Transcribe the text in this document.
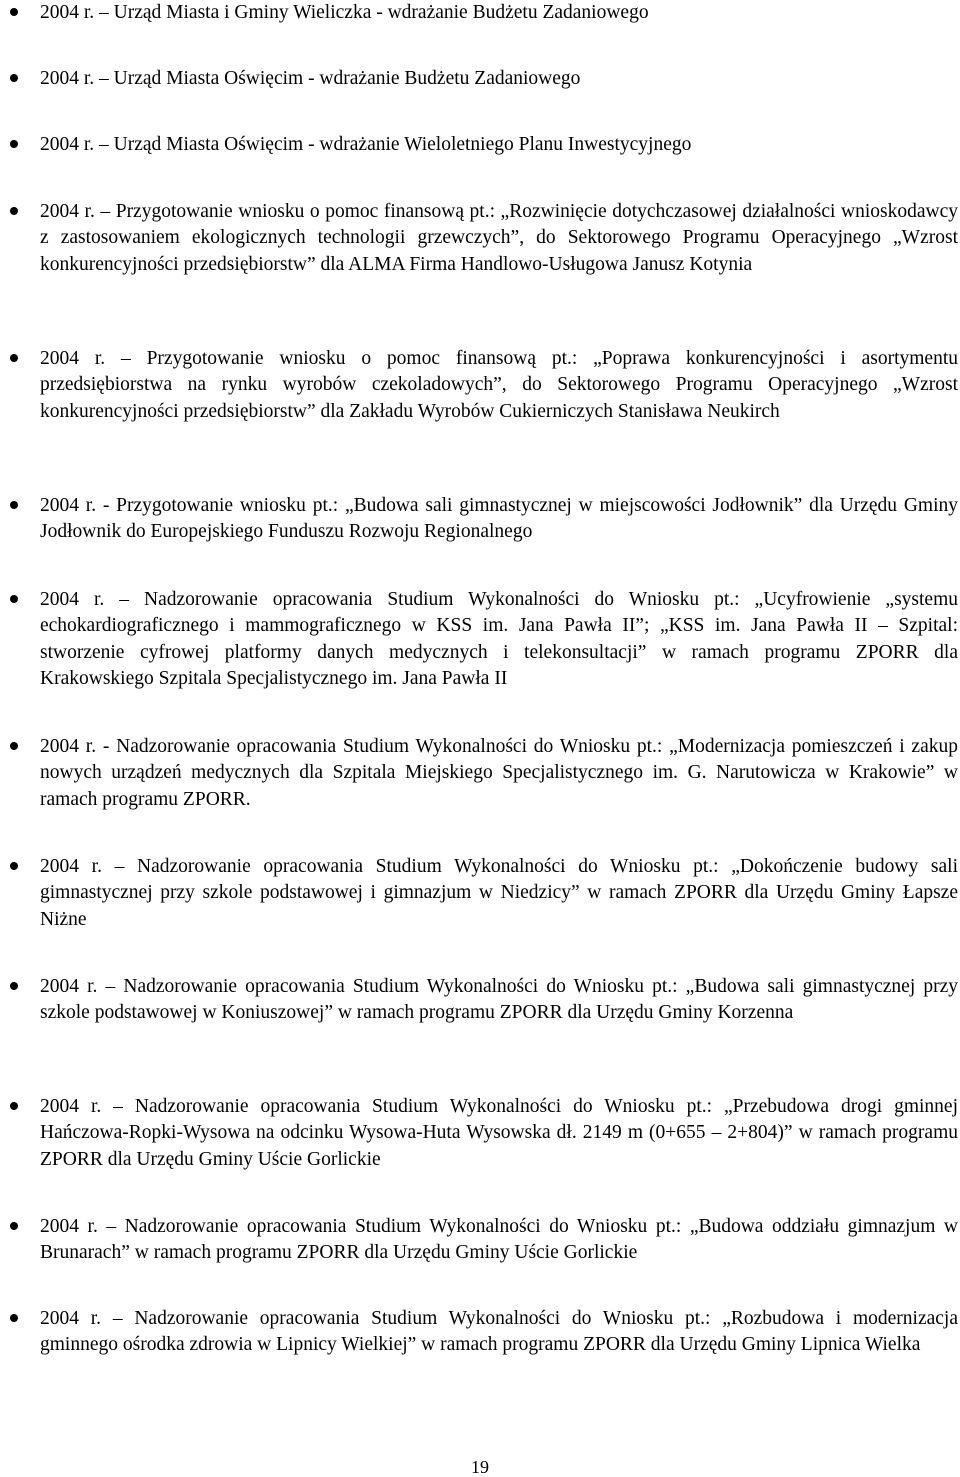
2004 r. – Urząd Miasta i Gminy Wieliczka - wdrażanie Budżetu Zadaniowego
2004 r. – Urząd Miasta Oświęcim - wdrażanie Budżetu Zadaniowego
2004 r. – Urząd Miasta Oświęcim - wdrażanie Wieloletniego Planu Inwestycyjnego
2004 r. – Przygotowanie wniosku o pomoc finansową pt.: „Rozwinięcie dotychczasowej działalności wnioskodawcy z zastosowaniem ekologicznych technologii grzewczych”, do Sektorowego Programu Operacyjnego „Wzrost konkurencyjności przedsiębiorstw” dla ALMA Firma Handlowo-Usługowa Janusz Kotynia
2004 r. – Przygotowanie wniosku o pomoc finansową pt.: „Poprawa konkurencyjności i asortymentu przedsiębiorstwa na rynku wyrobów czekoladowych”, do Sektorowego Programu Operacyjnego „Wzrost konkurencyjności przedsiębiorstw” dla Zakładu Wyrobów Cukierniczych Stanisława Neukirch
2004 r. - Przygotowanie wniosku pt.: „Budowa sali gimnastycznej w miejscowości Jodłownik” dla Urzędu Gminy Jodłownik do Europejskiego Funduszu Rozwoju Regionalnego
2004 r. – Nadzorowanie opracowania Studium Wykonalności do Wniosku pt.: „Ucyfrowienie „systemu echokardiograficznego i mammograficznego w KSS im. Jana Pawła II”; „KSS im. Jana Pawła II – Szpital: stworzenie cyfrowej platformy danych medycznych i telekonsultacji” w ramach programu ZPORR dla Krakowskiego Szpitala Specjalistycznego im. Jana Pawła II
2004 r. - Nadzorowanie opracowania Studium Wykonalności do Wniosku pt.: „Modernizacja pomieszczeń i zakup nowych urządzeń medycznych dla Szpitala Miejskiego Specjalistycznego im. G. Narutowicza w Krakowie” w ramach programu ZPORR.
2004 r. – Nadzorowanie opracowania Studium Wykonalności do Wniosku pt.: „Dokończenie budowy sali gimnastycznej przy szkole podstawowej i gimnazjum w Niedzicy” w ramach ZPORR dla Urzędu Gminy Łapsze Niżne
2004 r. – Nadzorowanie opracowania Studium Wykonalności do Wniosku pt.: „Budowa sali gimnastycznej przy szkole podstawowej w Koniuszowej” w ramach programu ZPORR dla Urzędu Gminy Korzenna
2004 r. – Nadzorowanie opracowania Studium Wykonalności do Wniosku pt.: „Przebudowa drogi gminnej Hańczowa-Ropki-Wysowa na odcinku Wysowa-Huta Wysowska dł. 2149 m (0+655 – 2+804)” w ramach programu ZPORR dla Urzędu Gminy Uście Gorlickie
2004 r. – Nadzorowanie opracowania Studium Wykonalności do Wniosku pt.: „Budowa oddziału gimnazjum w Brunarach” w ramach programu ZPORR dla Urzędu Gminy Uście Gorlickie
2004 r. – Nadzorowanie opracowania Studium Wykonalności do Wniosku pt.: „Rozbudowa i modernizacja gminnego ośrodka zdrowia w Lipnicy Wielkiej” w ramach programu ZPORR dla Urzędu Gminy Lipnica Wielka
19
